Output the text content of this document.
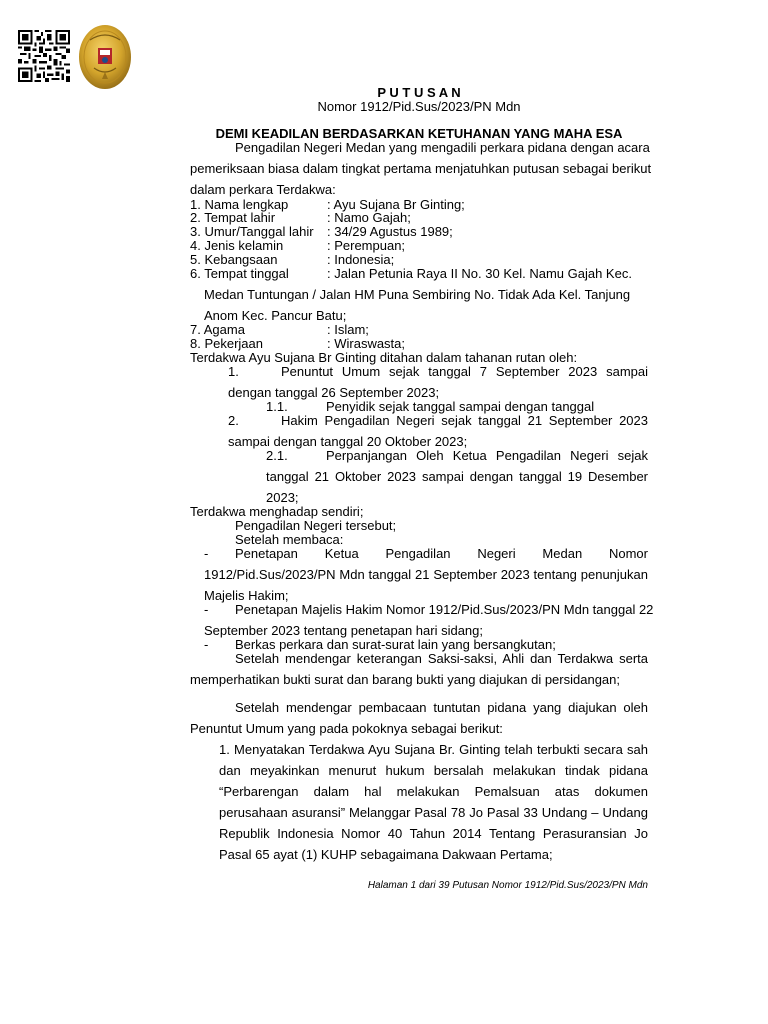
P U T U S A N
Nomor 1912/Pid.Sus/2023/PN Mdn
DEMI KEADILAN BERDASARKAN KETUHANAN YANG MAHA ESA
Pengadilan Negeri Medan yang mengadili perkara pidana dengan acara
pemeriksaan biasa dalam tingkat pertama menjatuhkan putusan sebagai berikut
dalam perkara Terdakwa:
1. Nama lengkap	: Ayu Sujana Br Ginting;
2. Tempat lahir	: Namo Gajah;
3. Umur/Tanggal lahir : 34/29 Agustus 1989;
4. Jenis kelamin	: Perempuan;
5. Kebangsaan	: Indonesia;
6. Tempat tinggal	: Jalan Petunia Raya II No. 30 Kel. Namu Gajah Kec.
Medan Tuntungan / Jalan HM Puna Sembiring No. Tidak Ada Kel. Tanjung
Anom Kec. Pancur Batu;
7. Agama	: Islam;
8. Pekerjaan	: Wiraswasta;
Terdakwa Ayu Sujana Br Ginting ditahan dalam tahanan rutan oleh:
1.	Penuntut Umum sejak tanggal 7 September 2023 sampai
dengan tanggal 26 September 2023;
1.1.	Penyidik sejak tanggal sampai dengan tanggal
2.	Hakim Pengadilan Negeri sejak tanggal 21 September 2023
sampai dengan tanggal 20 Oktober 2023;
2.1.	Perpanjangan Oleh Ketua Pengadilan Negeri sejak
tanggal 21 Oktober 2023 sampai dengan tanggal 19 Desember
2023;
Terdakwa menghadap sendiri;
Pengadilan Negeri tersebut;
Setelah membaca:
- Penetapan Ketua Pengadilan Negeri Medan Nomor
1912/Pid.Sus/2023/PN Mdn tanggal 21 September 2023 tentang penunjukan
Majelis Hakim;
- Penetapan Majelis Hakim Nomor 1912/Pid.Sus/2023/PN Mdn tanggal 22
September 2023 tentang penetapan hari sidang;
- Berkas perkara dan surat-surat lain yang bersangkutan;
Setelah mendengar keterangan Saksi-saksi, Ahli dan Terdakwa serta
memperhatikan bukti surat dan barang bukti yang diajukan di persidangan;
Setelah mendengar pembacaan tuntutan pidana yang diajukan oleh
Penuntut Umum yang pada pokoknya sebagai berikut:
1. Menyatakan Terdakwa Ayu Sujana Br. Ginting telah terbukti secara sah
dan meyakinkan menurut hukum bersalah melakukan tindak pidana
“Perbarengan dalam hal melakukan Pemalsuan atas dokumen
perusahaan asuransi” Melanggar Pasal 78 Jo Pasal 33 Undang – Undang
Republik Indonesia Nomor 40 Tahun 2014 Tentang Perasuransian Jo
Pasal 65 ayat (1) KUHP sebagaimana Dakwaan Pertama;
Halaman 1 dari 39 Putusan Nomor 1912/Pid.Sus/2023/PN Mdn
